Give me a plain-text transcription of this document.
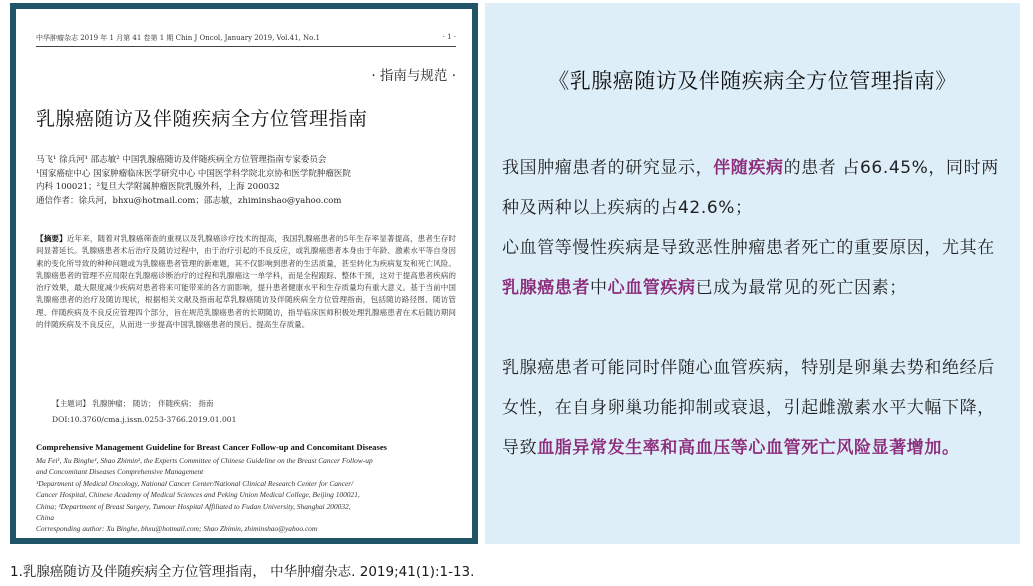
中华肿瘤杂志 2019 年 1 月第 41 卷第 1 期 Chin J Oncol, January 2019, Vol.41, No.1	· 1 ·
· 指南与规范 ·
乳腺癌随访及伴随疾病全方位管理指南
马飞¹ 徐兵河¹ 邵志敏² 中国乳腺癌随访及伴随疾病全方位管理指南专家委员会
¹国家癌症中心 国家肿瘤临床医学研究中心 中国医学科学院北京协和医学院肿瘤医院
内科 100021；²复旦大学附属肿瘤医院乳腺外科，上海 200032
通信作者：徐兵河，bhxu@hotmail.com；邵志敏，zhiminshao@yahoo.com
【摘要】近年来，随着对乳腺癌筛查的重视以及乳腺癌诊疗技术的提高，我国乳腺癌患者的5年生存率显著提高，患者生存时间显著延长。乳腺癌患者术后治疗及随访过程中，由于治疗引起的不良反应，或乳腺癌患者本身由于年龄、激素水平等自身因素的变化所导致的种种问题或为乳腺癌患者管理的新难题，其不仅影响到患者的生活质量，甚至转化为疾病复发和死亡风险。乳腺癌患者的管理不应局限在乳腺癌诊断治疗的过程和乳腺癌这一单学科，而是全程跟踪、整体干预，这对于提高患者疾病的治疗效果，最大限度减少疾病对患者将来可能带来的各方面影响，提升患者健康水平和生存质量均有重大意义。基于当前中国乳腺癌患者的治疗及随访现状，根据相关文献及指南起草乳腺癌随访及伴随疾病全方位管理指南，包括随访路径图、随访管理、伴随疾病及不良反应管理四个部分，旨在规范乳腺癌患者的长期随访，指导临床医师积极处理乳腺癌患者在术后随访期间的伴随疾病及不良反应，从而进一步提高中国乳腺癌患者的预后、提高生存质量。
【主题词】 乳腺肿瘤； 随访； 伴随疾病； 指南
DOI:10.3760/cma.j.issn.0253-3766.2019.01.001
Comprehensive Management Guideline for Breast Cancer Follow-up and Concomitant Diseases
Ma Fei¹, Xu Binghe¹, Shao Zhimin², the Experts Committee of Chinese Guideline on the Breast Cancer Follow-up
and Concomitant Diseases Comprehensive Management
¹Department of Medical Oncology, National Cancer Center/National Clinical Research Center for Cancer/
Cancer Hospital, Chinese Academy of Medical Sciences and Peking Union Medical College, Beijing 100021,
China; ²Department of Breast Surgery, Tumour Hospital Affiliated to Fudan University, Shanghai 200032,
China
Corresponding author: Xu Binghe, bhxu@hotmail.com; Shao Zhimin, zhiminshao@yahoo.com
《乳腺癌随访及伴随疾病全方位管理指南》
我国肿瘤患者的研究显示，伴随疾病的患者 占66.45%，同时两种及两种以上疾病的占42.6%；
心血管等慢性疾病是导致恶性肿瘤患者死亡的重要原因，尤其在乳腺癌患者中心血管疾病已成为最常见的死亡因素；
乳腺癌患者可能同时伴随心血管疾病，特别是卵巢去势和绝经后女性，在自身卵巢功能抑制或衰退，引起雌激素水平大幅下降，导致血脂异常发生率和高血压等心血管死亡风险显著增加。
1.乳腺癌随访及伴随疾病全方位管理指南， 中华肿瘤杂志. 2019;41(1):1-13.
